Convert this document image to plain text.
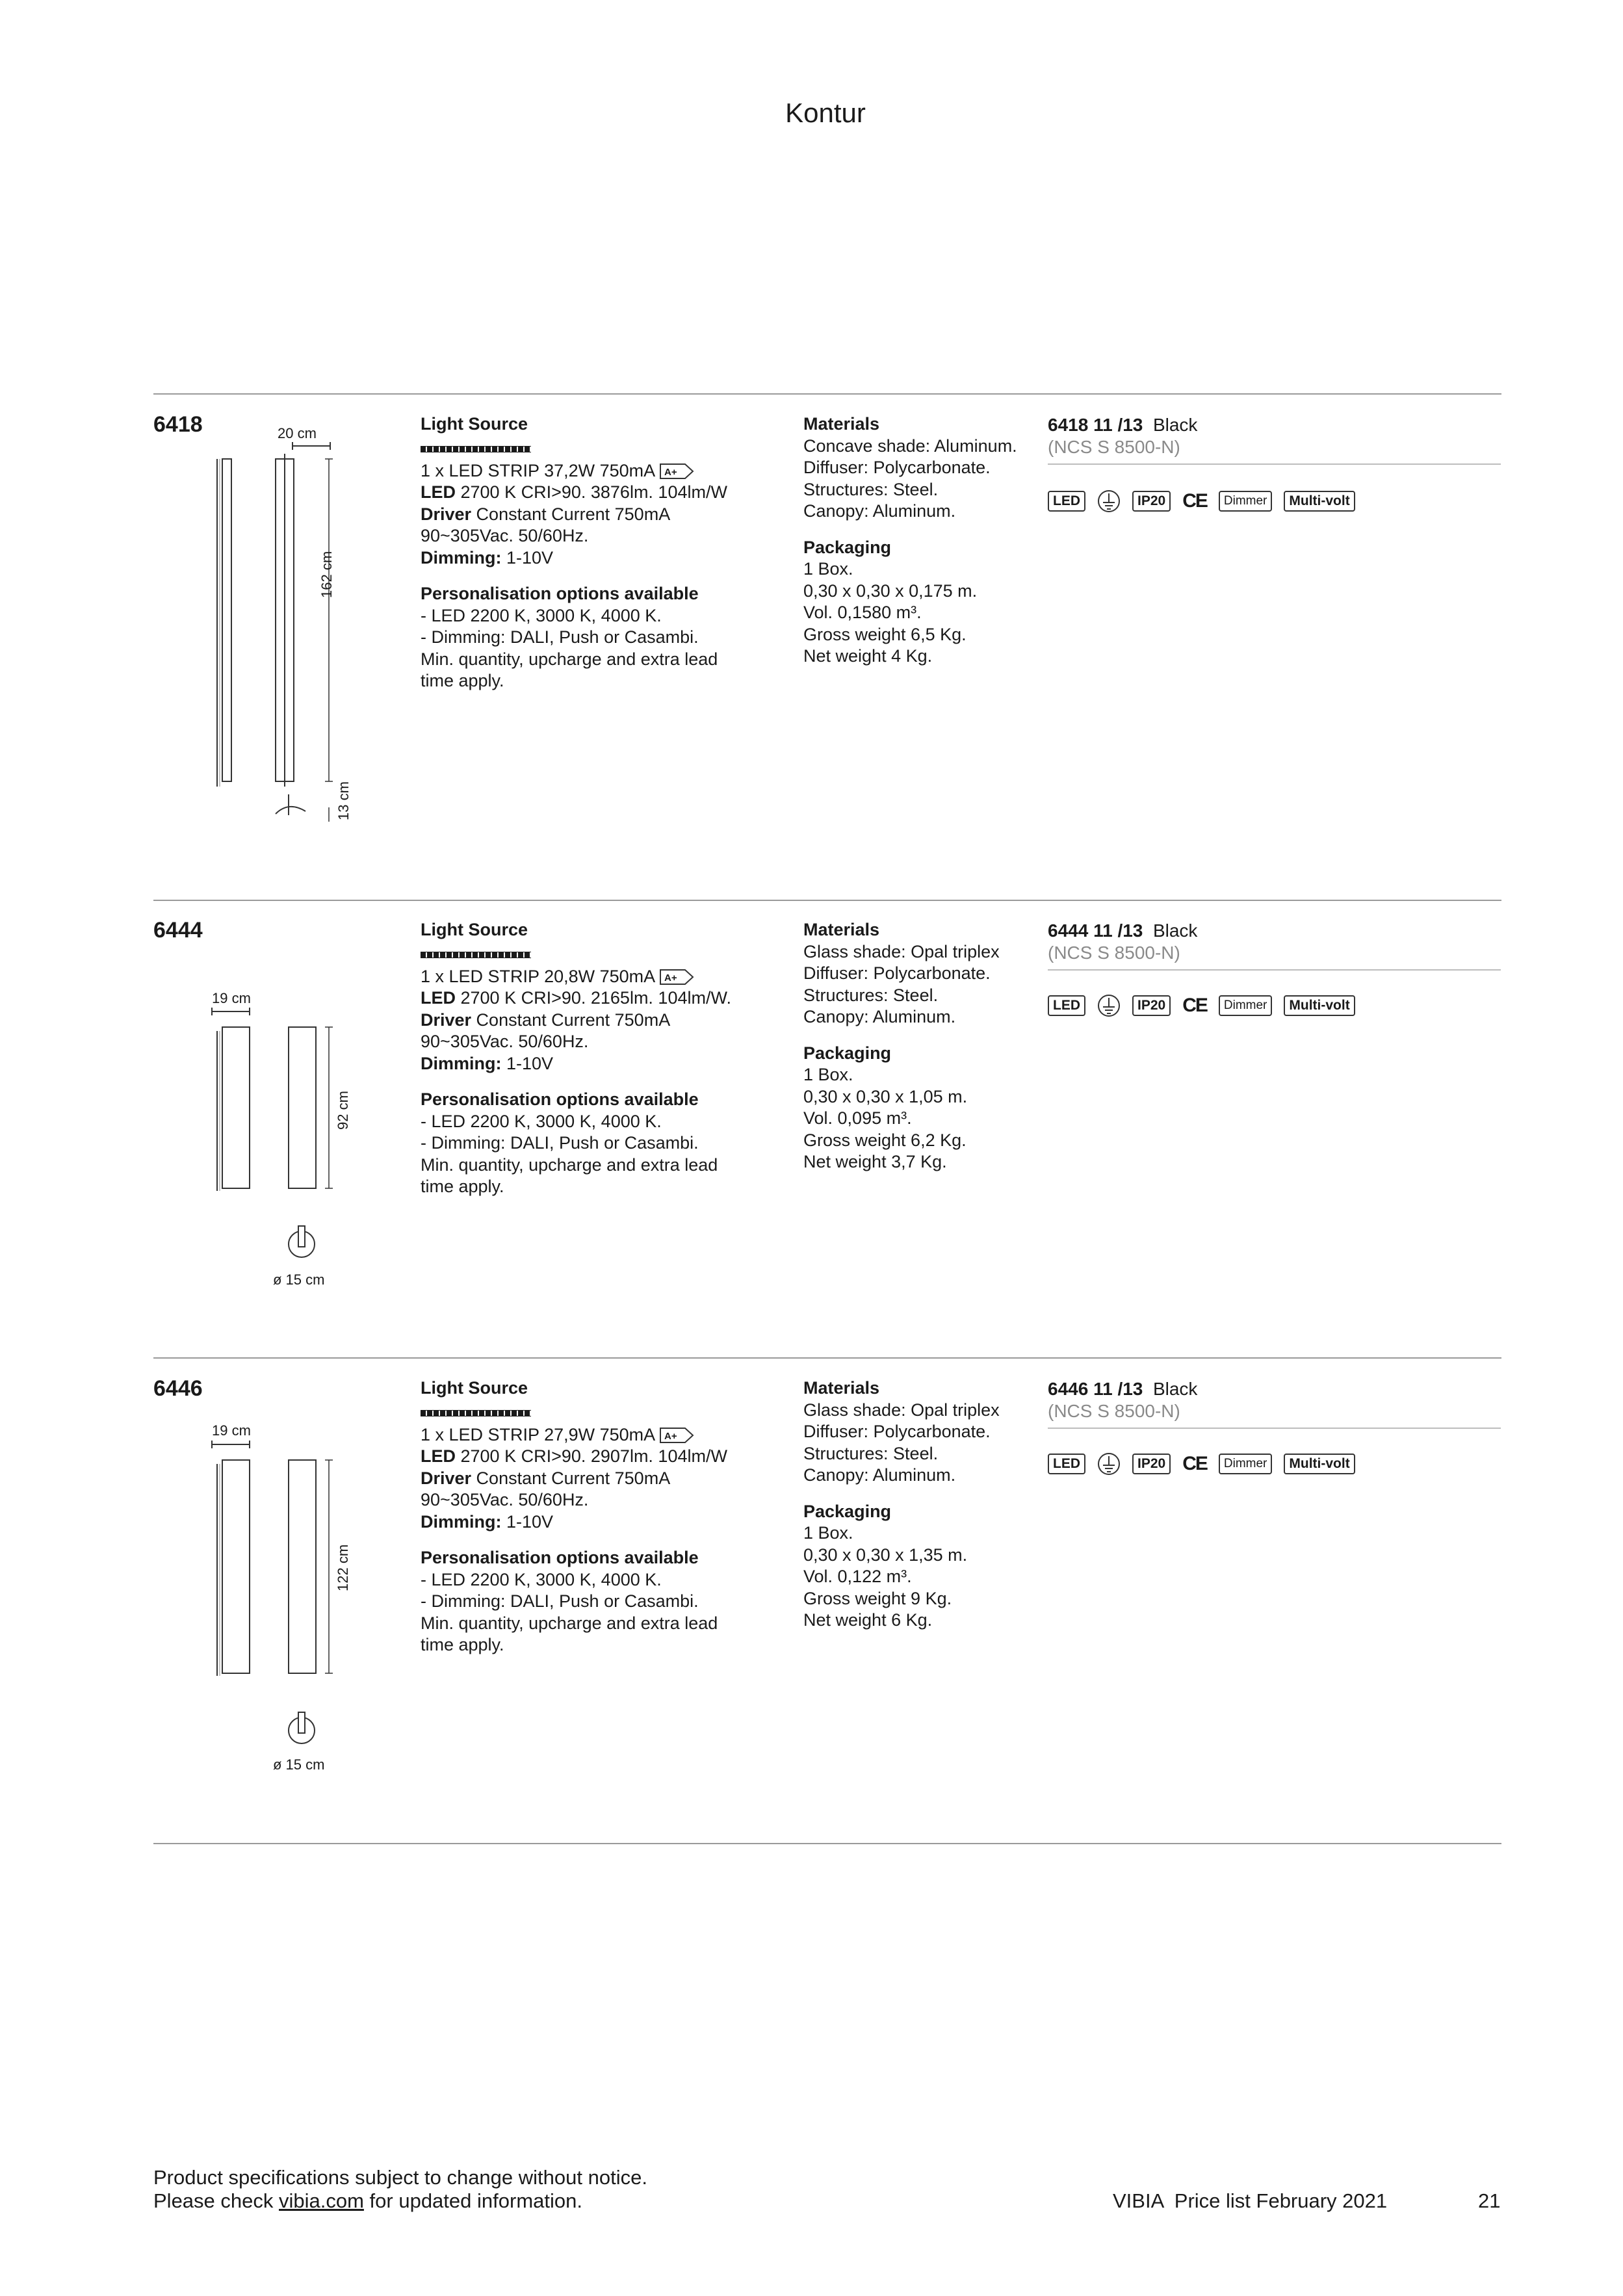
Kontur
6418	20 cm
162 cm
13 cm
Light Source
1 x LED STRIP 37,2W 750mA A+
LED 2700 K CRI>90. 3876lm. 104lm/W
Driver Constant Current 750mA
90~305Vac. 50/60Hz.
Dimming: 1-10V
Personalisation options available
- LED 2200 K, 3000 K, 4000 K.
- Dimming: DALI, Push or Casambi.
Min. quantity, upcharge and extra lead
time apply.
Materials
Concave shade: Aluminum.
Diffuser: Polycarbonate.
Structures: Steel.
Canopy: Aluminum.
Packaging
1 Box.
0,30 x 0,30 x 0,175 m.
Vol. 0,1580 m³.
Gross weight 6,5 Kg.
Net weight 4 Kg.
6418 11 /13 Black
(NCS S 8500-N)
LED	IP20 CE	Dimmer	Multi-volt
6444
19 cm
92 cm
ø 15 cm
Light Source
1 x LED STRIP 20,8W 750mA A+
LED 2700 K CRI>90. 2165lm. 104lm/W.
Driver Constant Current 750mA
90~305Vac. 50/60Hz.
Dimming: 1-10V
Personalisation options available
- LED 2200 K, 3000 K, 4000 K.
- Dimming: DALI, Push or Casambi.
Min. quantity, upcharge and extra lead
time apply.
Materials
Glass shade: Opal triplex
Diffuser: Polycarbonate.
Structures: Steel.
Canopy: Aluminum.
Packaging
1 Box.
0,30 x 0,30 x 1,05 m.
Vol. 0,095 m³.
Gross weight 6,2 Kg.
Net weight 3,7 Kg.
6444 11 /13 Black
(NCS S 8500-N)
LED	IP20 CE	Dimmer	Multi-volt
6446
19 cm
122 cm
ø 15 cm
Light Source
1 x LED STRIP 27,9W 750mA A+
LED 2700 K CRI>90. 2907lm. 104lm/W
Driver Constant Current 750mA
90~305Vac. 50/60Hz.
Dimming: 1-10V
Personalisation options available
- LED 2200 K, 3000 K, 4000 K.
- Dimming: DALI, Push or Casambi.
Min. quantity, upcharge and extra lead
time apply.
Materials
Glass shade: Opal triplex
Diffuser: Polycarbonate.
Structures: Steel.
Canopy: Aluminum.
Packaging
1 Box.
0,30 x 0,30 x 1,35 m.
Vol. 0,122 m³.
Gross weight 9 Kg.
Net weight 6 Kg.
6446 11 /13 Black
(NCS S 8500-N)
LED	IP20 CE	Dimmer	Multi-volt
Product specifications subject to change without notice.
Please check vibia.com for updated information.	VIBIA  Price list February 2021	21
